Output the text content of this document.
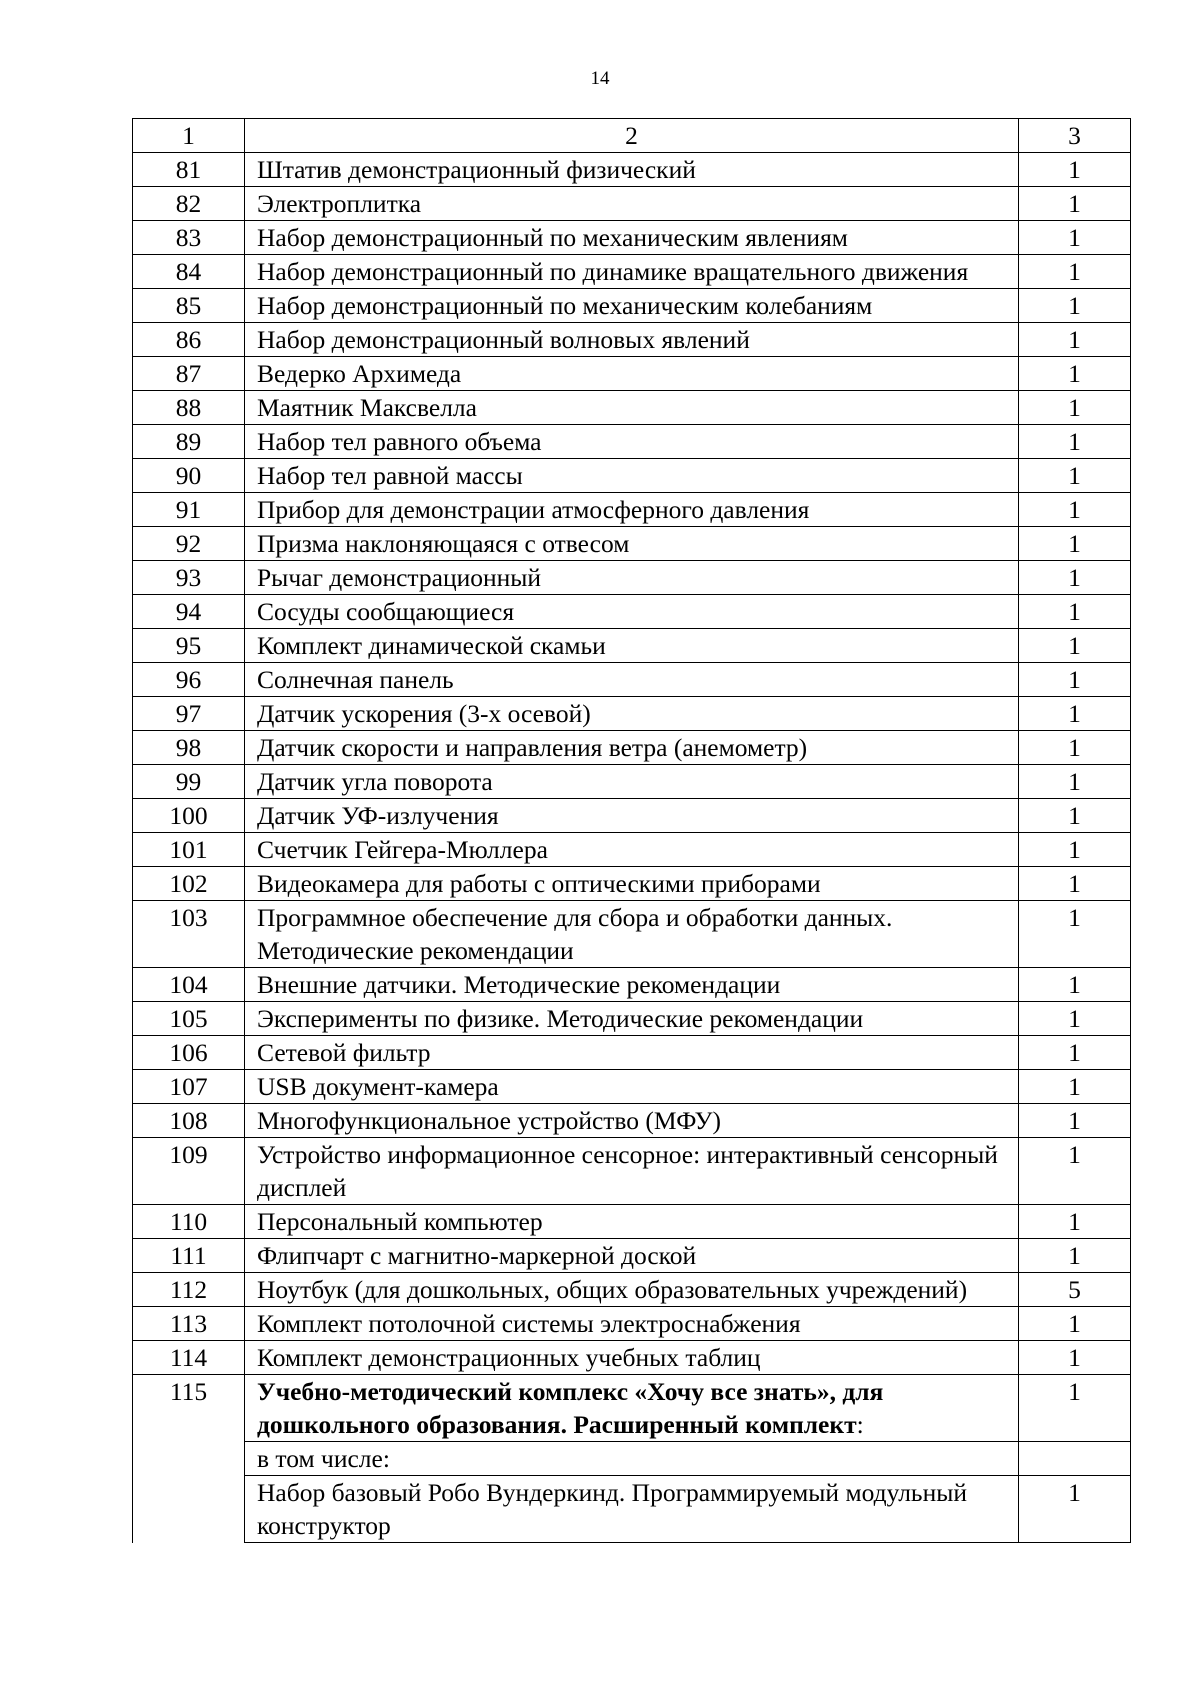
14
1	2	3
81	Штатив демонстрационный физический	1
82	Электроплитка	1
83	Набор демонстрационный по механическим явлениям	1
84	Набор демонстрационный по динамике вращательного движения	1
85	Набор демонстрационный по механическим колебаниям	1
86	Набор демонстрационный волновых явлений	1
87	Ведерко Архимеда	1
88	Маятник Максвелла	1
89	Набор тел равного объема	1
90	Набор тел равной массы	1
91	Прибор для демонстрации атмосферного давления	1
92	Призма наклоняющаяся с отвесом	1
93	Рычаг демонстрационный	1
94	Сосуды сообщающиеся	1
95	Комплект динамической скамьи	1
96	Солнечная панель	1
97	Датчик ускорения (3-х осевой)	1
98	Датчик скорости и направления ветра (анемометр)	1
99	Датчик угла поворота	1
100	Датчик УФ-излучения	1
101	Счетчик Гейгера-Мюллера	1
102	Видеокамера для работы с оптическими приборами	1
103	Программное обеспечение для сбора и обработки данных. Методические рекомендации	1
104	Внешние датчики. Методические рекомендации	1
105	Эксперименты по физике. Методические рекомендации	1
106	Сетевой фильтр	1
107	USB документ-камера	1
108	Многофункциональное устройство (МФУ)	1
109	Устройство информационное сенсорное: интерактивный сенсорный дисплей	1
110	Персональный компьютер	1
111	Флипчарт с магнитно-маркерной доской	1
112	Ноутбук (для дошкольных, общих образовательных учреждений)	5
113	Комплект потолочной системы электроснабжения	1
114	Комплект демонстрационных учебных таблиц	1
115	Учебно-методический комплекс «Хочу все знать», для дошкольного образования. Расширенный комплект:	1
	в том числе:	
	Набор базовый Робо Вундеркинд. Программируемый модульный конструктор	1
